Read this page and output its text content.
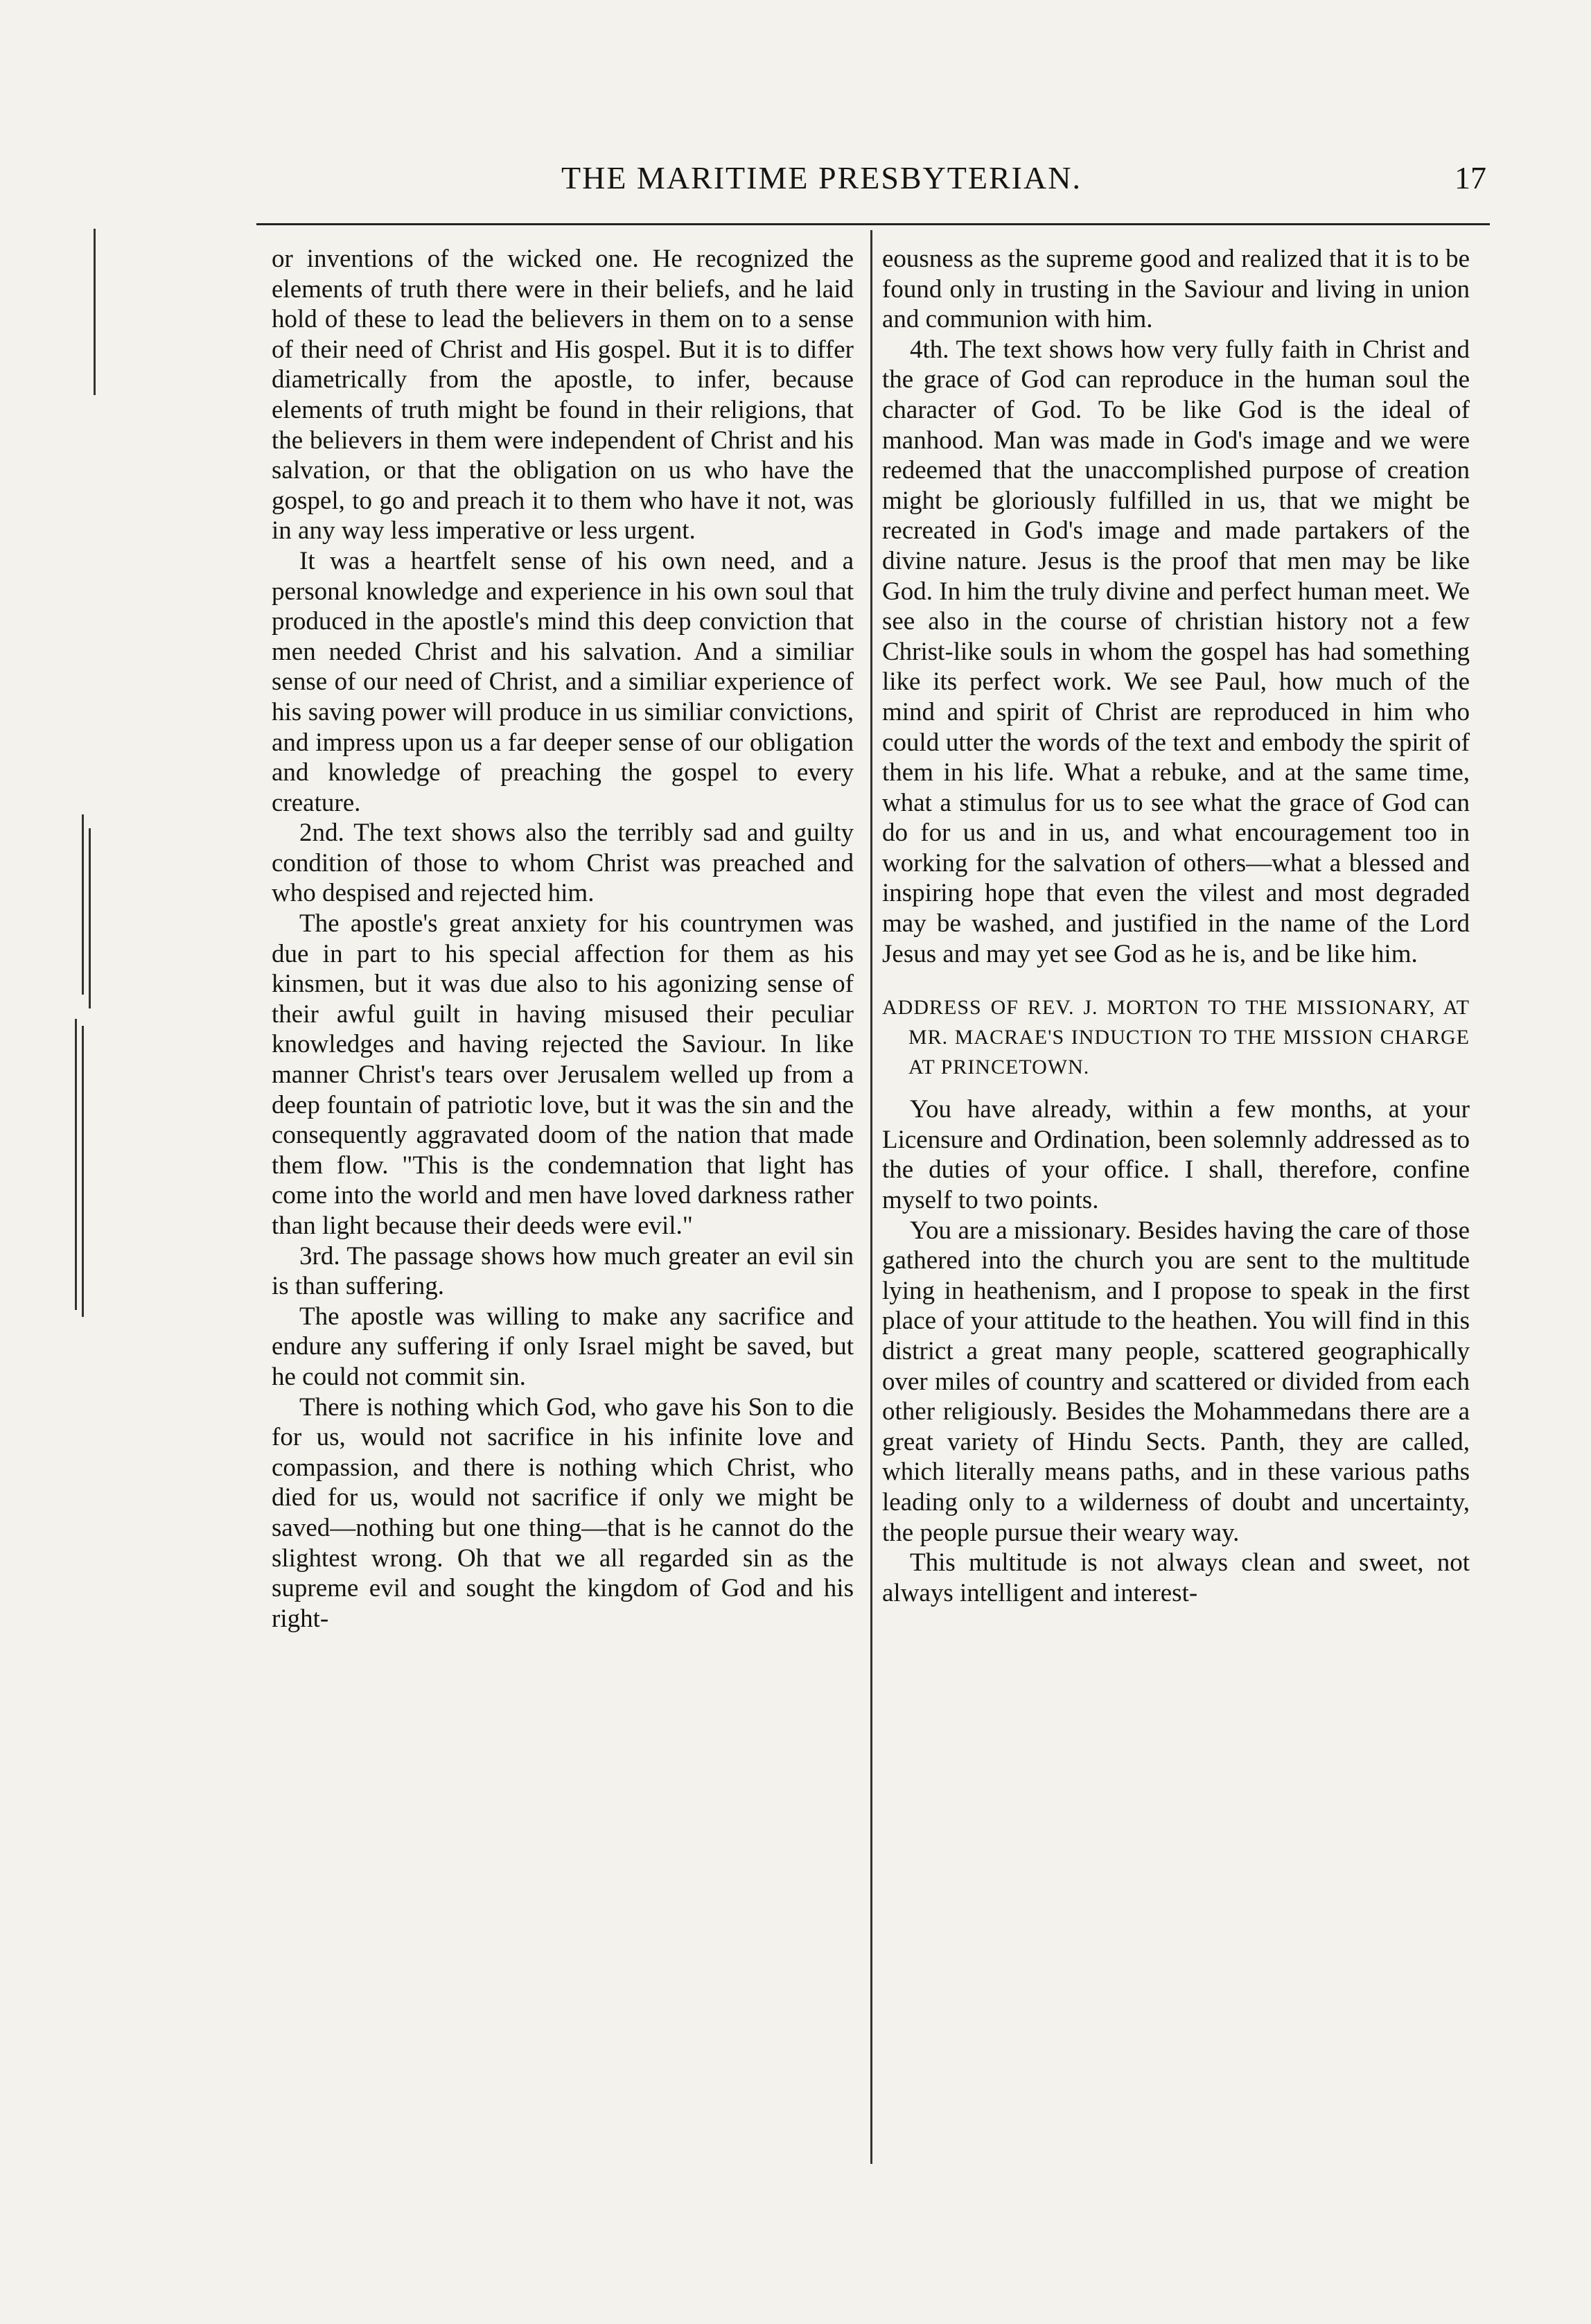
THE MARITIME PRESBYTERIAN.	17

or inventions of the wicked one. He recognized the elements of truth there were in their beliefs, and he laid hold of these to lead the believers in them on to a sense of their need of Christ and His gospel. But it is to differ diametrically from the apostle, to infer, because elements of truth might be found in their religions, that the believers in them were independent of Christ and his salvation, or that the obligation on us who have the gospel, to go and preach it to them who have it not, was in any way less imperative or less urgent.

It was a heartfelt sense of his own need, and a personal knowledge and experience in his own soul that produced in the apostle's mind this deep conviction that men needed Christ and his salvation. And a similiar sense of our need of Christ, and a similiar experience of his saving power will produce in us similiar convictions, and impress upon us a far deeper sense of our obligation and knowledge of preaching the gospel to every creature.

2nd. The text shows also the terribly sad and guilty condition of those to whom Christ was preached and who despised and rejected him.

The apostle's great anxiety for his countrymen was due in part to his special affection for them as his kinsmen, but it was due also to his agonizing sense of their awful guilt in having misused their peculiar knowledges and having rejected the Saviour. In like manner Christ's tears over Jerusalem welled up from a deep fountain of patriotic love, but it was the sin and the consequently aggravated doom of the nation that made them flow. "This is the condemnation that light has come into the world and men have loved darkness rather than light because their deeds were evil."

3rd. The passage shows how much greater an evil sin is than suffering.

The apostle was willing to make any sacrifice and endure any suffering if only Israel might be saved, but he could not commit sin.

There is nothing which God, who gave his Son to die for us, would not sacrifice in his infinite love and compassion, and there is nothing which Christ, who died for us, would not sacrifice if only we might be saved—nothing but one thing—that is he cannot do the slightest wrong. Oh that we all regarded sin as the supreme evil and sought the kingdom of God and his right-

eousness as the supreme good and realized that it is to be found only in trusting in the Saviour and living in union and communion with him.

4th. The text shows how very fully faith in Christ and the grace of God can reproduce in the human soul the character of God. To be like God is the ideal of manhood. Man was made in God's image and we were redeemed that the unaccomplished purpose of creation might be gloriously fulfilled in us, that we might be recreated in God's image and made partakers of the divine nature. Jesus is the proof that men may be like God. In him the truly divine and perfect human meet. We see also in the course of christian history not a few Christ-like souls in whom the gospel has had something like its perfect work. We see Paul, how much of the mind and spirit of Christ are reproduced in him who could utter the words of the text and embody the spirit of them in his life. What a rebuke, and at the same time, what a stimulus for us to see what the grace of God can do for us and in us, and what encouragement too in working for the salvation of others—what a blessed and inspiring hope that even the vilest and most degraded may be washed, and justified in the name of the Lord Jesus and may yet see God as he is, and be like him.

ADDRESS OF REV. J. MORTON TO THE MISSIONARY, AT MR. MACRAE'S INDUCTION TO THE MISSION CHARGE AT PRINCETOWN.

You have already, within a few months, at your Licensure and Ordination, been solemnly addressed as to the duties of your office. I shall, therefore, confine myself to two points.

You are a missionary. Besides having the care of those gathered into the church you are sent to the multitude lying in heathenism, and I propose to speak in the first place of your attitude to the heathen. You will find in this district a great many people, scattered geographically over miles of country and scattered or divided from each other religiously. Besides the Mohammedans there are a great variety of Hindu Sects. Panth, they are called, which literally means paths, and in these various paths leading only to a wilderness of doubt and uncertainty, the people pursue their weary way.

This multitude is not always clean and sweet, not always intelligent and interest-
